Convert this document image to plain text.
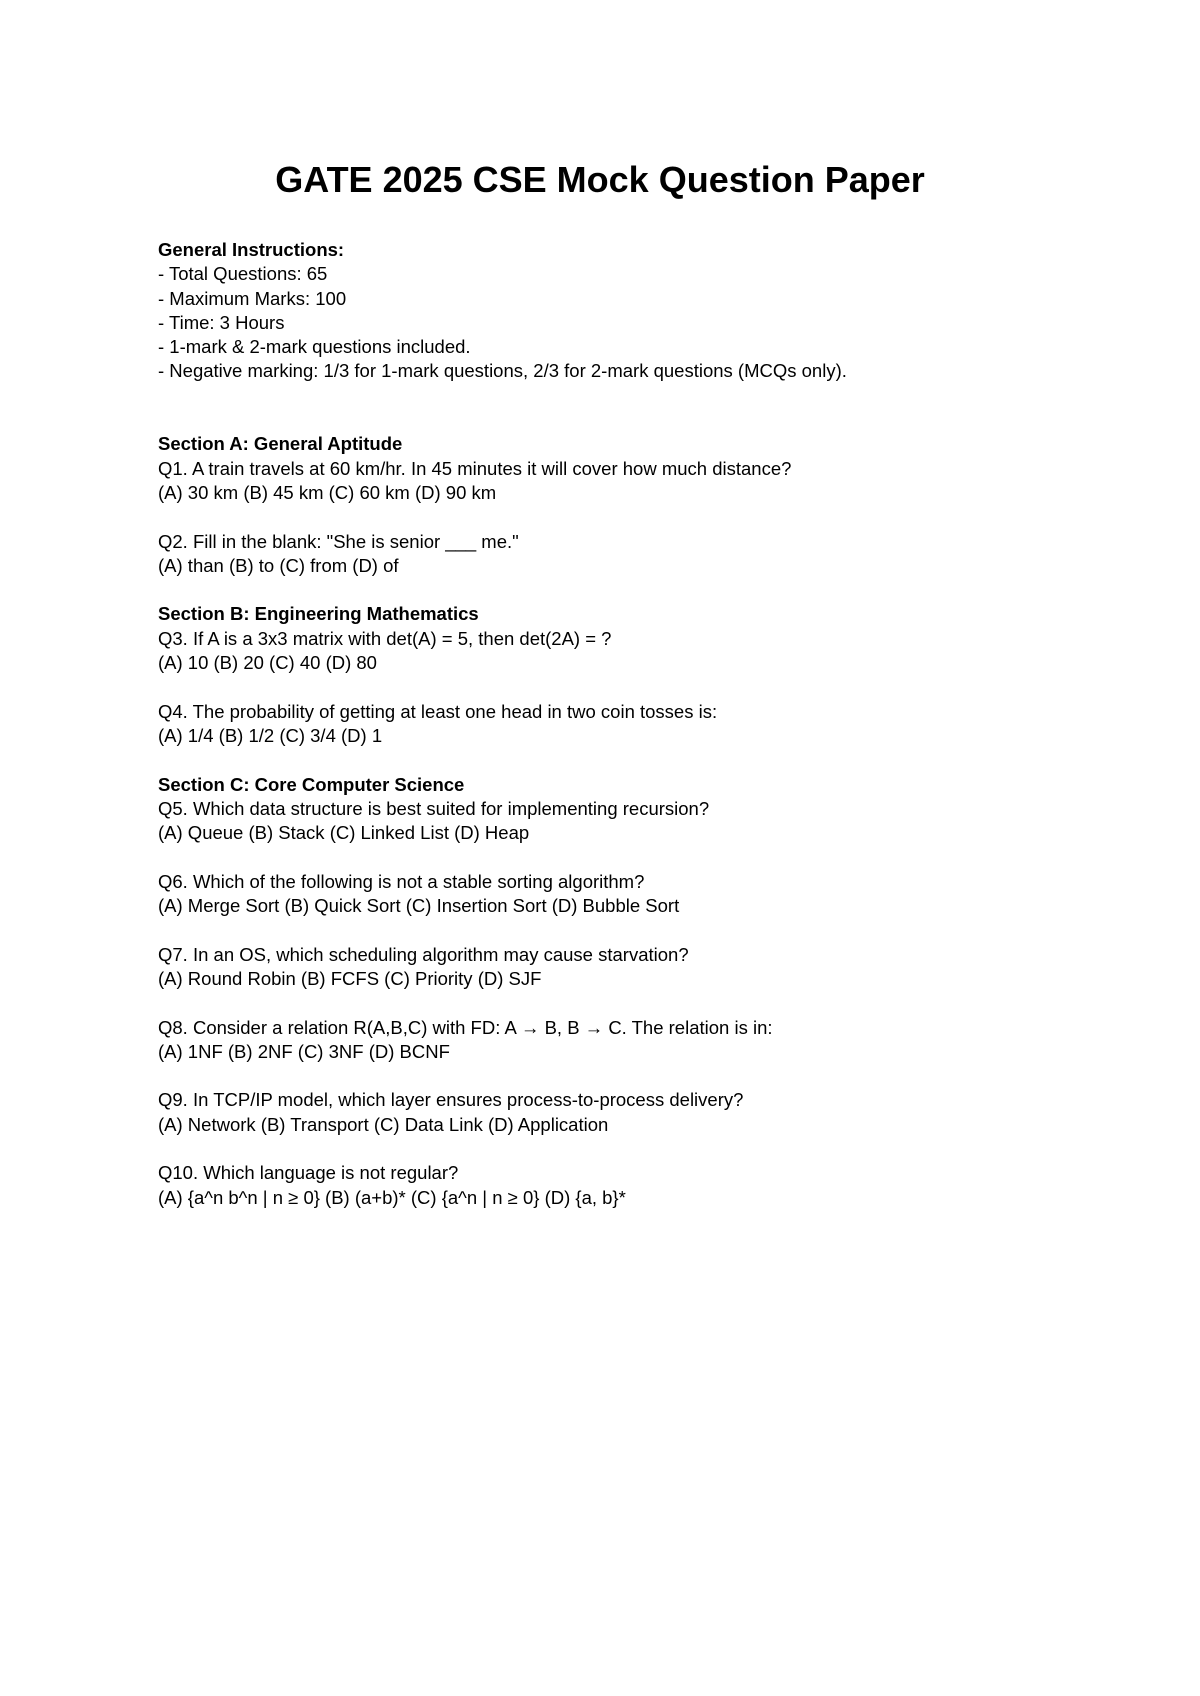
GATE 2025 CSE Mock Question Paper

General Instructions:

- Total Questions: 65

- Maximum Marks: 100

- Time: 3 Hours

- 1-mark & 2-mark questions included.

- Negative marking: 1/3 for 1-mark questions, 2/3 for 2-mark questions (MCQs only).

Section A: General Aptitude

Q1. A train travels at 60 km/hr. In 45 minutes it will cover how much distance?

(A) 30 km (B) 45 km (C) 60 km (D) 90 km

Q2. Fill in the blank: "She is senior ___ me."

(A) than (B) to (C) from (D) of

Section B: Engineering Mathematics

Q3. If A is a 3x3 matrix with det(A) = 5, then det(2A) = ?

(A) 10 (B) 20 (C) 40 (D) 80

Q4. The probability of getting at least one head in two coin tosses is:

(A) 1/4 (B) 1/2 (C) 3/4 (D) 1

Section C: Core Computer Science

Q5. Which data structure is best suited for implementing recursion?

(A) Queue (B) Stack (C) Linked List (D) Heap

Q6. Which of the following is not a stable sorting algorithm?

(A) Merge Sort (B) Quick Sort (C) Insertion Sort (D) Bubble Sort

Q7. In an OS, which scheduling algorithm may cause starvation?

(A) Round Robin (B) FCFS (C) Priority (D) SJF

Q8. Consider a relation R(A,B,C) with FD: A → B, B → C. The relation is in:

(A) 1NF (B) 2NF (C) 3NF (D) BCNF

Q9. In TCP/IP model, which layer ensures process-to-process delivery?

(A) Network (B) Transport (C) Data Link (D) Application

Q10. Which language is not regular?

(A) {a^n b^n | n ≥ 0} (B) (a+b)* (C) {a^n | n ≥ 0} (D) {a, b}*
